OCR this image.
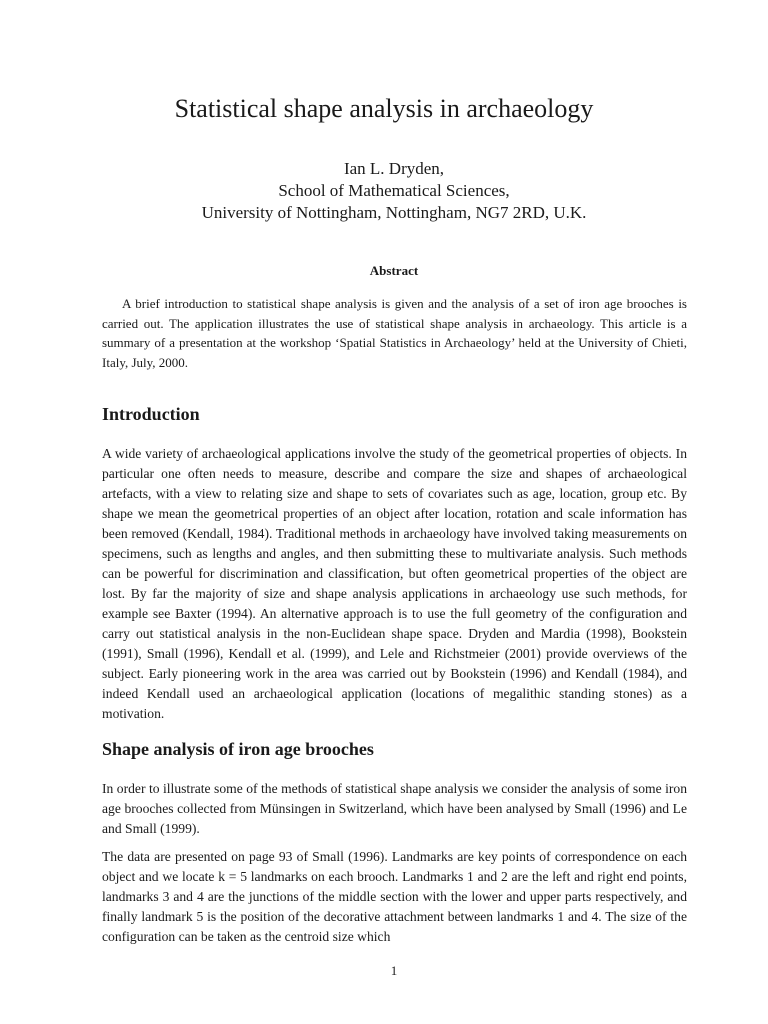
Statistical shape analysis in archaeology
Ian L. Dryden,
School of Mathematical Sciences,
University of Nottingham, Nottingham, NG7 2RD, U.K.
Abstract

A brief introduction to statistical shape analysis is given and the analysis of a set of iron age brooches is carried out. The application illustrates the use of statistical shape analysis in archaeology. This article is a summary of a presentation at the workshop ‘Spatial Statistics in Archaeology’ held at the University of Chieti, Italy, July, 2000.

Introduction

A wide variety of archaeological applications involve the study of the geometrical properties of objects. In particular one often needs to measure, describe and compare the size and shapes of archaeological artefacts, with a view to relating size and shape to sets of covariates such as age, location, group etc. By shape we mean the geometrical properties of an object after location, rotation and scale information has been removed (Kendall, 1984). Traditional methods in archaeology have involved taking measurements on specimens, such as lengths and angles, and then submitting these to multivariate analysis. Such methods can be powerful for discrimination and classification, but often geometrical properties of the object are lost. By far the majority of size and shape analysis applications in archaeology use such methods, for example see Baxter (1994). An alternative approach is to use the full geometry of the configuration and carry out statistical analysis in the non-Euclidean shape space. Dryden and Mardia (1998), Bookstein (1991), Small (1996), Kendall et al. (1999), and Lele and Richstmeier (2001) provide overviews of the subject. Early pioneering work in the area was carried out by Bookstein (1996) and Kendall (1984), and indeed Kendall used an archaeological application (locations of megalithic standing stones) as a motivation.

Shape analysis of iron age brooches

In order to illustrate some of the methods of statistical shape analysis we consider the analysis of some iron age brooches collected from Münsingen in Switzerland, which have been analysed by Small (1996) and Le and Small (1999).

The data are presented on page 93 of Small (1996). Landmarks are key points of correspondence on each object and we locate k = 5 landmarks on each brooch. Landmarks 1 and 2 are the left and right end points, landmarks 3 and 4 are the junctions of the middle section with the lower and upper parts respectively, and finally landmark 5 is the position of the decorative attachment between landmarks 1 and 4. The size of the configuration can be taken as the centroid size which

1
